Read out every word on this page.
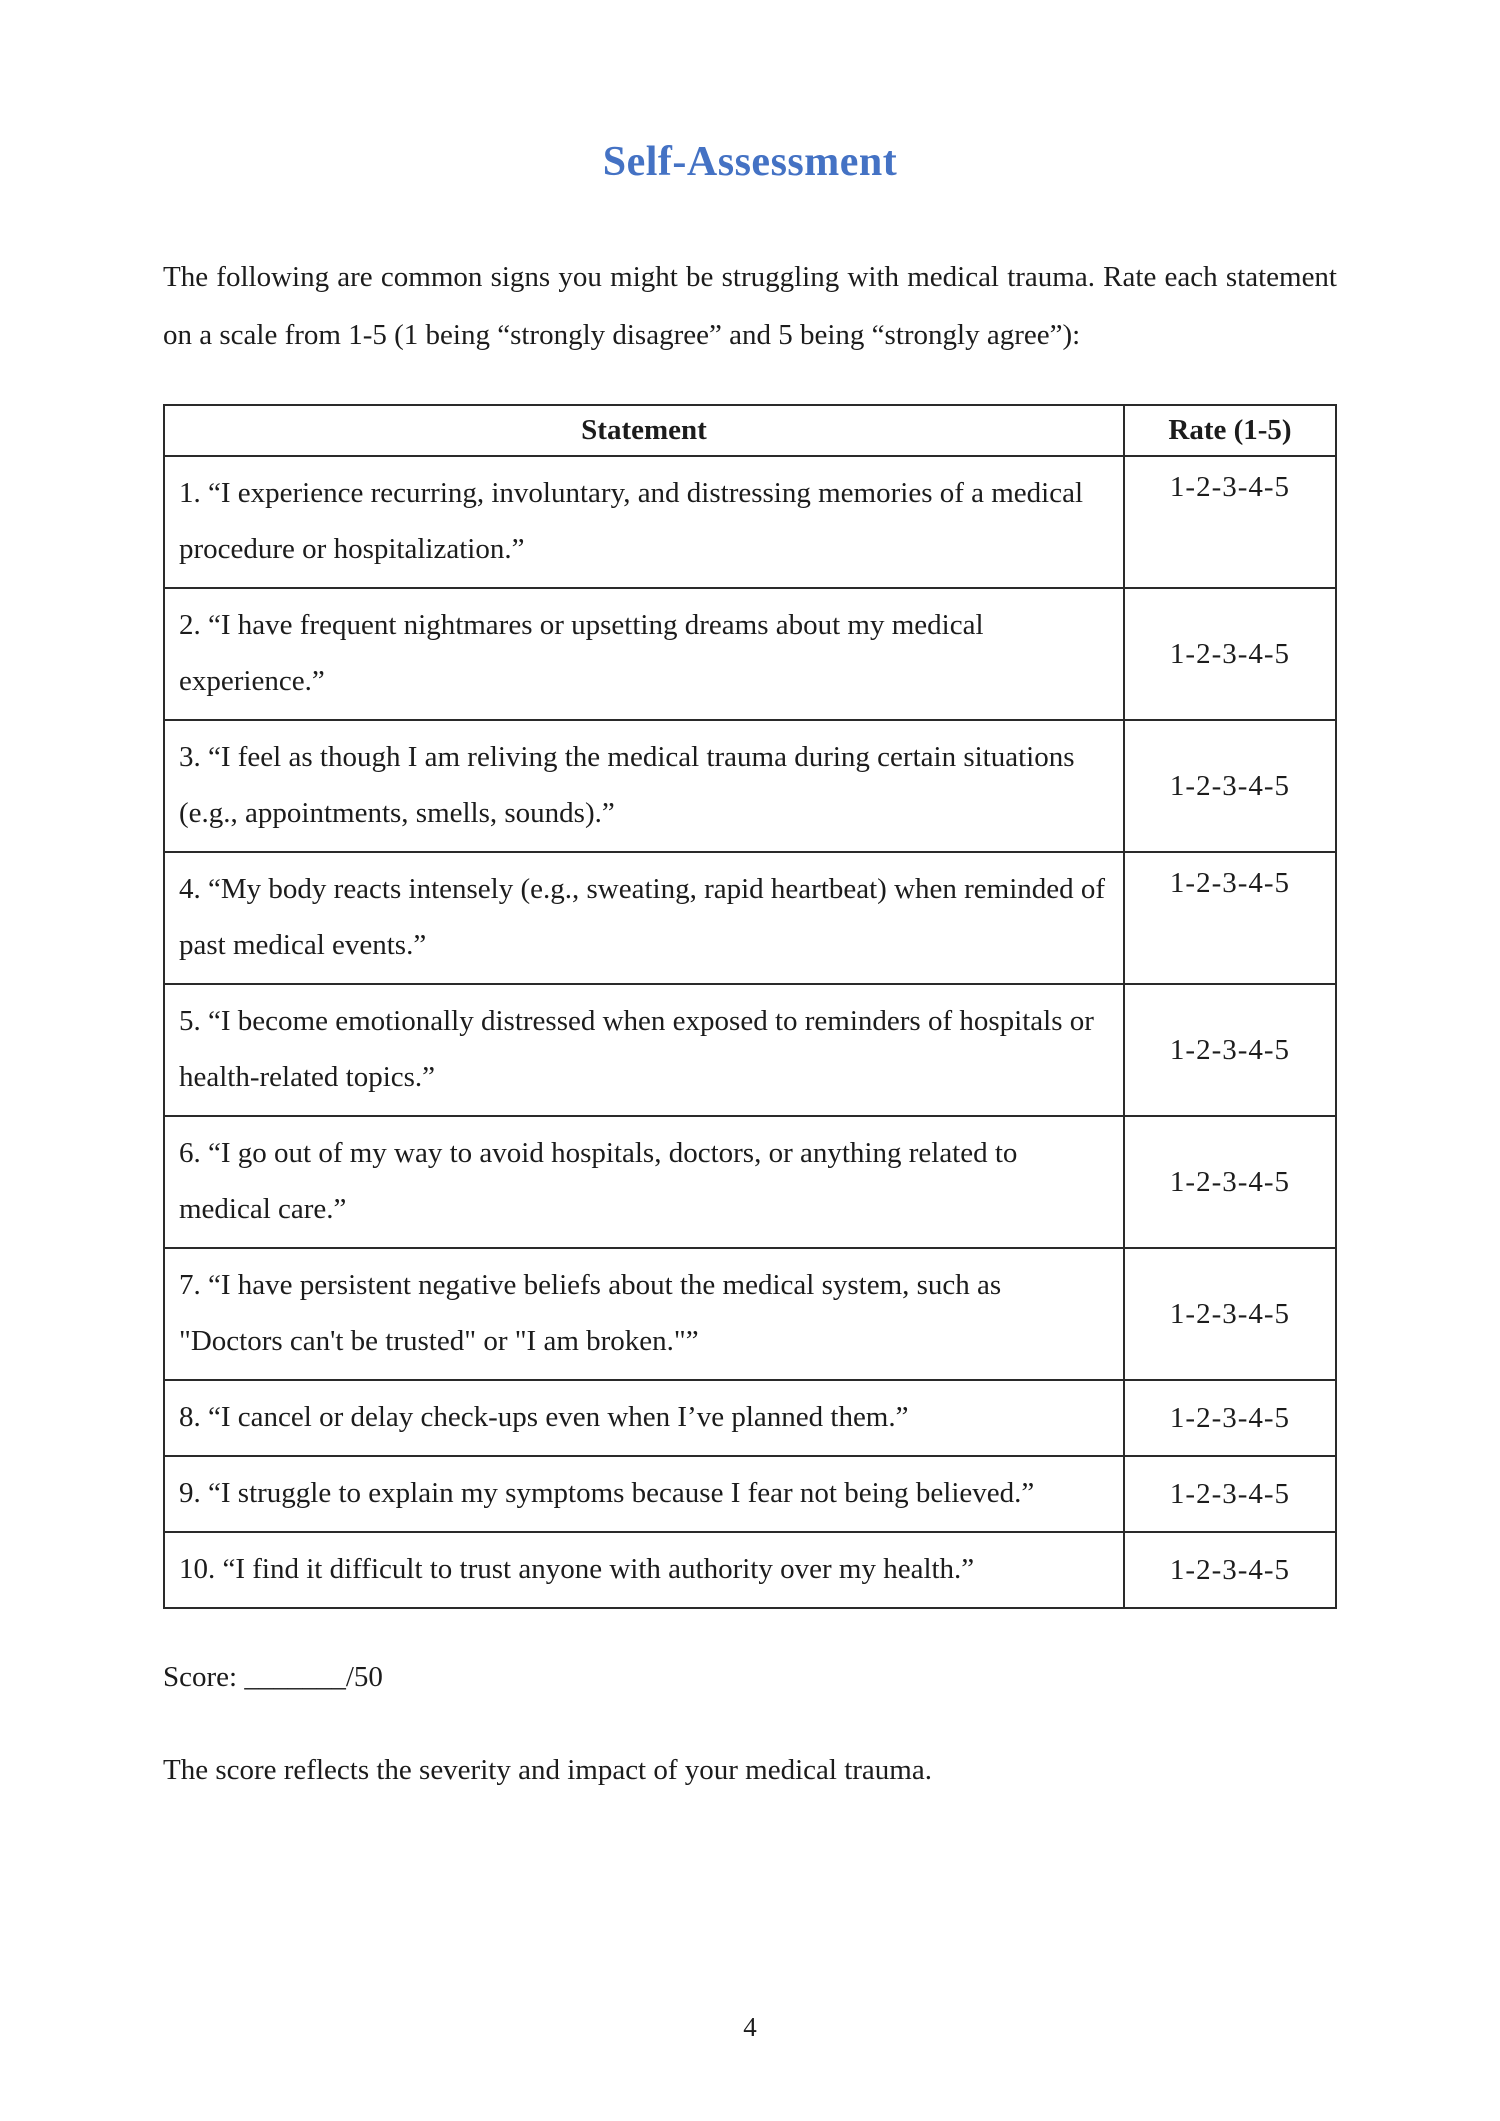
Self-Assessment

The following are common signs you might be struggling with medical trauma. Rate each statement on a scale from 1-5 (1 being “strongly disagree” and 5 being “strongly agree”):

Statement	Rate (1-5)
1. “I experience recurring, involuntary, and distressing memories of a medical procedure or hospitalization.”	1-2-3-4-5
2. “I have frequent nightmares or upsetting dreams about my medical experience.”	1-2-3-4-5
3. “I feel as though I am reliving the medical trauma during certain situations (e.g., appointments, smells, sounds).”	1-2-3-4-5
4. “My body reacts intensely (e.g., sweating, rapid heartbeat) when reminded of past medical events.”	1-2-3-4-5
5. “I become emotionally distressed when exposed to reminders of hospitals or health-related topics.”	1-2-3-4-5
6. “I go out of my way to avoid hospitals, doctors, or anything related to medical care.”	1-2-3-4-5
7. “I have persistent negative beliefs about the medical system, such as "Doctors can't be trusted" or "I am broken."”	1-2-3-4-5
8. “I cancel or delay check-ups even when I’ve planned them.”	1-2-3-4-5
9. “I struggle to explain my symptoms because I fear not being believed.”	1-2-3-4-5
10. “I find it difficult to trust anyone with authority over my health.”	1-2-3-4-5

Score: _______/50

The score reflects the severity and impact of your medical trauma.

4
